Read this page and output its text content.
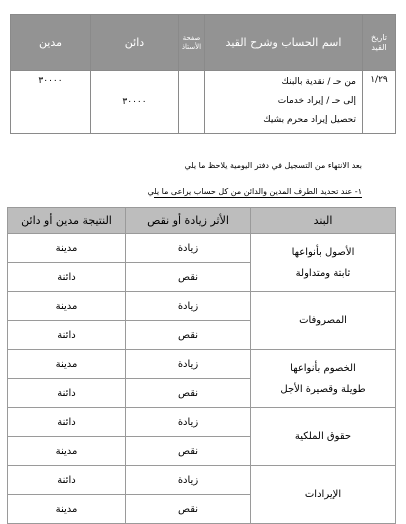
مدين	دائن	صفحة الأستاذ	اسم الحساب وشرح القيد	تاريخ القيد
٣٠٠٠٠	٣٠٠٠٠		من حـ / نقدية بالبنك
إلى حـ / إيراد خدمات
تحصيل إيراد محرم بشيك	١/٢٩
بعد الانتهاء من التسجيل في دفتر اليومية يلاحظ ما يلي
١- عند تحديد الطرف المدين والدائن من كل حساب يراعى ما يلي
النتيجة مدين أو دائن	الأثر زيادة أو نقص	البند
مدينة	زيادة	الأصول بأنواعها
ثابتة ومتداولة

دائنة	نقص	
مدينة	زيادة	المصروفات

دائنة	نقص	
مدينة	زيادة	الخصوم بأنواعها
طويلة وقصيرة الأجل

دائنة	نقص	
دائنة	زيادة	حقوق الملكية

مدينة	نقص	
دائنة	زيادة	الإيرادات

مدينة	نقص	
